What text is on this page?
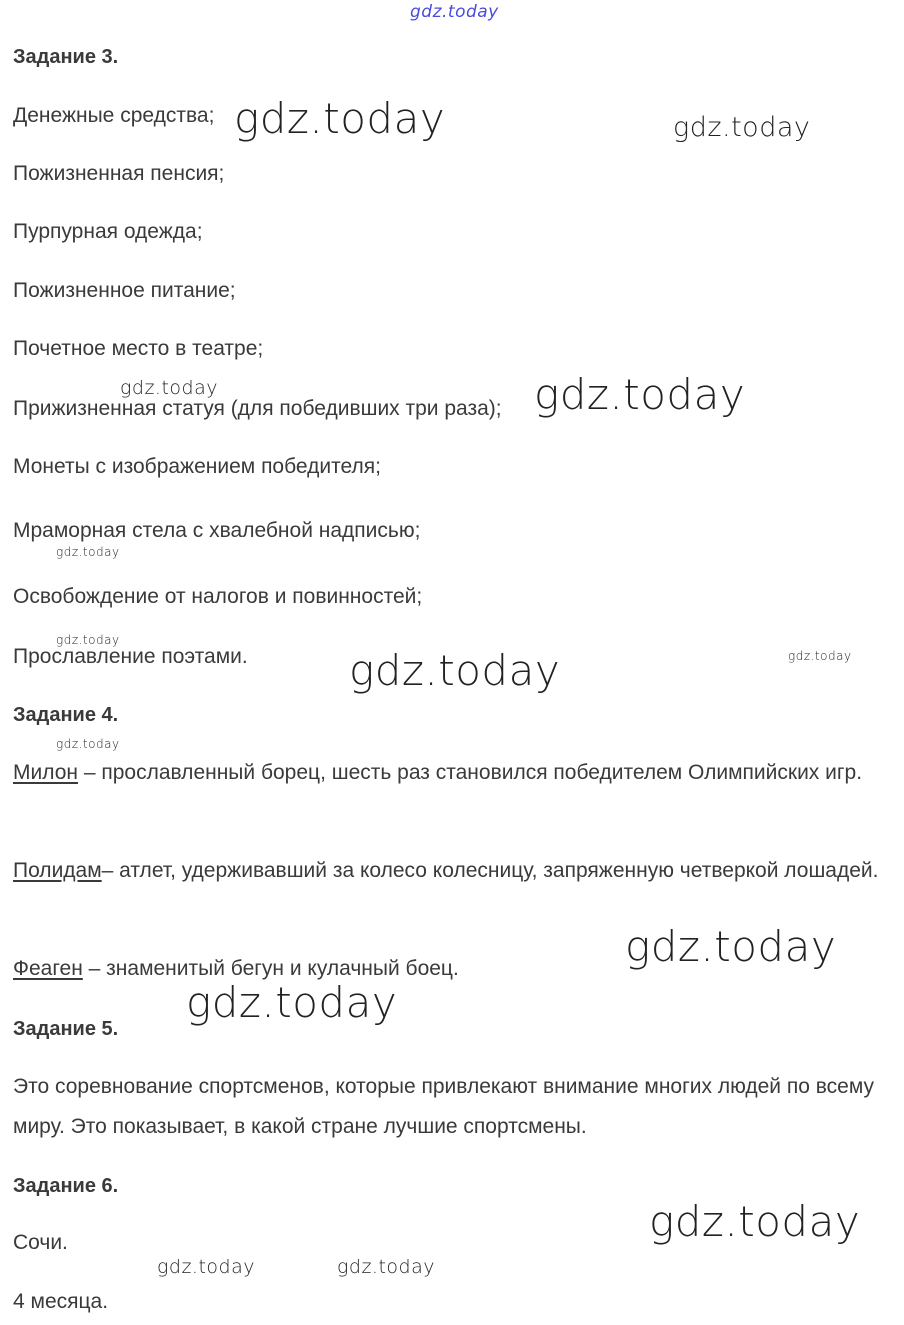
Задание 3.
Денежные средства;
Пожизненная пенсия;
Пурпурная одежда;
Пожизненное питание;
Почетное место в театре;
Прижизненная статуя (для победивших три раза);
Монеты с изображением победителя;
Мраморная стела с хвалебной надписью;
Освобождение от налогов и повинностей;
Прославление поэтами.
Задание 4.
Милон – прославленный борец, шесть раз становился победителем Олимпийских игр.
Полидам– атлет, удерживавший за колесо колесницу, запряженную четверкой лошадей.
Феаген – знаменитый бегун и кулачный боец.
Задание 5.
Это соревнование спортсменов, которые привлекают внимание многих людей по всему миру. Это показывает, в какой стране лучшие спортсмены.
Задание 6.
Сочи.
4 месяца.
gdz.today
gdz.today	gdz.today
gdz.today	gdz.today
gdz.today
gdz.today
gdz.today	gdz.today
gdz.today
gdz.today
gdz.today
gdz.today
gdz.today	gdz.today
